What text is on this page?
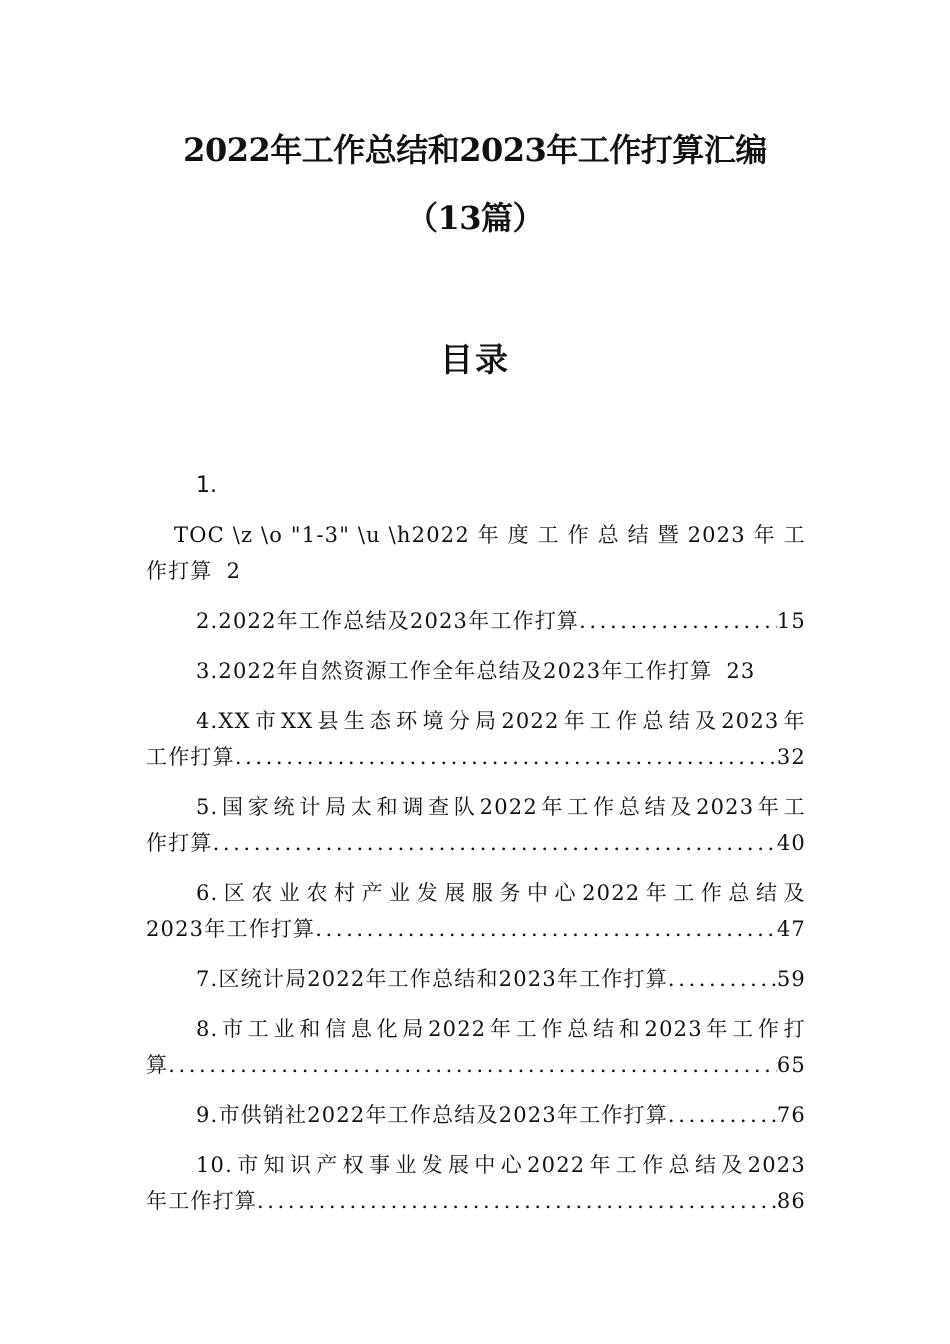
2022年工作总结和2023年工作打算汇编
（13篇）
目录
1.
TOC \z \o "1-3" \u \h2022 年 度 工 作 总 结 暨 2023 年 工
作打算 2
2.2022年工作总结及2023年工作打算 .....	15
3.2022年自然资源工作全年总结及2023年工作打算 23
4.XX 市 XX 县 生 态 环 境 分 局 2022 年 工 作 总 结 及 2023 年
工作打算 .....	32
5. 国 家 统 计 局 太 和 调 查 队 2022 年 工 作 总 结 及 2023 年 工
作打算 .....	40
6. 区 农 业 农 村 产 业 发 展 服 务 中 心 2022 年 工 作 总 结 及
2023年工作打算 .....	47
7.区统计局2022年工作总结和2023年工作打算 .....	59
8. 市 工 业 和 信 息 化 局 2022 年 工 作 总 结 和 2023 年 工 作 打
算 .....	65
9.市供销社2022年工作总结及2023年工作打算 .....	76
10. 市 知 识 产 权 事 业 发 展 中 心 2022 年 工 作 总 结 及 2023
年工作打算 .....	86
